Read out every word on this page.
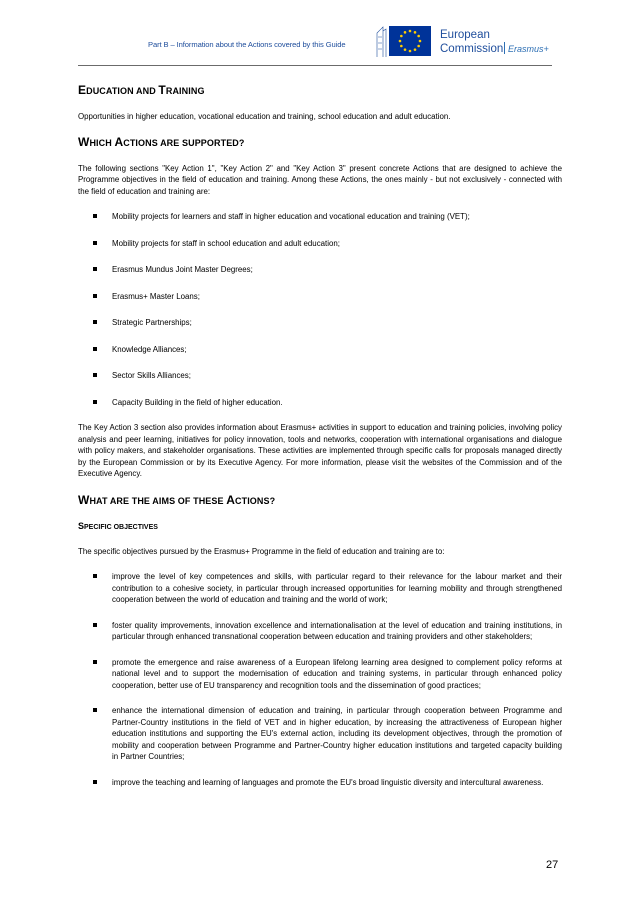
Part B – Information about the Actions covered by this Guide
European
Commission Erasmus+
EDUCATION AND TRAINING

Opportunities in higher education, vocational education and training, school education and adult education.

WHICH ACTIONS ARE SUPPORTED?

The following sections "Key Action 1", "Key Action 2" and "Key Action 3" present concrete Actions that are designed to achieve the Programme objectives in the field of education and training. Among these Actions, the ones mainly - but not exclusively - connected with the field of education and training are:

Mobility projects for learners and staff in higher education and vocational education and training (VET);
Mobility projects for staff in school education and adult education;
Erasmus Mundus Joint Master Degrees;
Erasmus+ Master Loans;
Strategic Partnerships;
Knowledge Alliances;
Sector Skills Alliances;
Capacity Building in the field of higher education.

The Key Action 3 section also provides information about Erasmus+ activities in support to education and training policies, involving policy analysis and peer learning, initiatives for policy innovation, tools and networks, cooperation with international organisations and dialogue with policy makers, and stakeholder organisations. These activities are implemented through specific calls for proposals managed directly by the European Commission or by its Executive Agency. For more information, please visit the websites of the Commission and of the Executive Agency.

WHAT ARE THE AIMS OF THESE ACTIONS?
SPECIFIC OBJECTIVES

The specific objectives pursued by the Erasmus+ Programme in the field of education and training are to:

improve the level of key competences and skills, with particular regard to their relevance for the labour market and their contribution to a cohesive society, in particular through increased opportunities for learning mobility and through strengthened cooperation between the world of education and training and the world of work;
foster quality improvements, innovation excellence and internationalisation at the level of education and training institutions, in particular through enhanced transnational cooperation between education and training providers and other stakeholders;
promote the emergence and raise awareness of a European lifelong learning area designed to complement policy reforms at national level and to support the modernisation of education and training systems, in particular through enhanced policy cooperation, better use of EU transparency and recognition tools and the dissemination of good practices;
enhance the international dimension of education and training, in particular through cooperation between Programme and Partner-Country institutions in the field of VET and in higher education, by increasing the attractiveness of European higher education institutions and supporting the EU's external action, including its development objectives, through the promotion of mobility and cooperation between Programme and Partner-Country higher education institutions and targeted capacity building in Partner Countries;
improve the teaching and learning of languages and promote the EU's broad linguistic diversity and intercultural awareness.
27
